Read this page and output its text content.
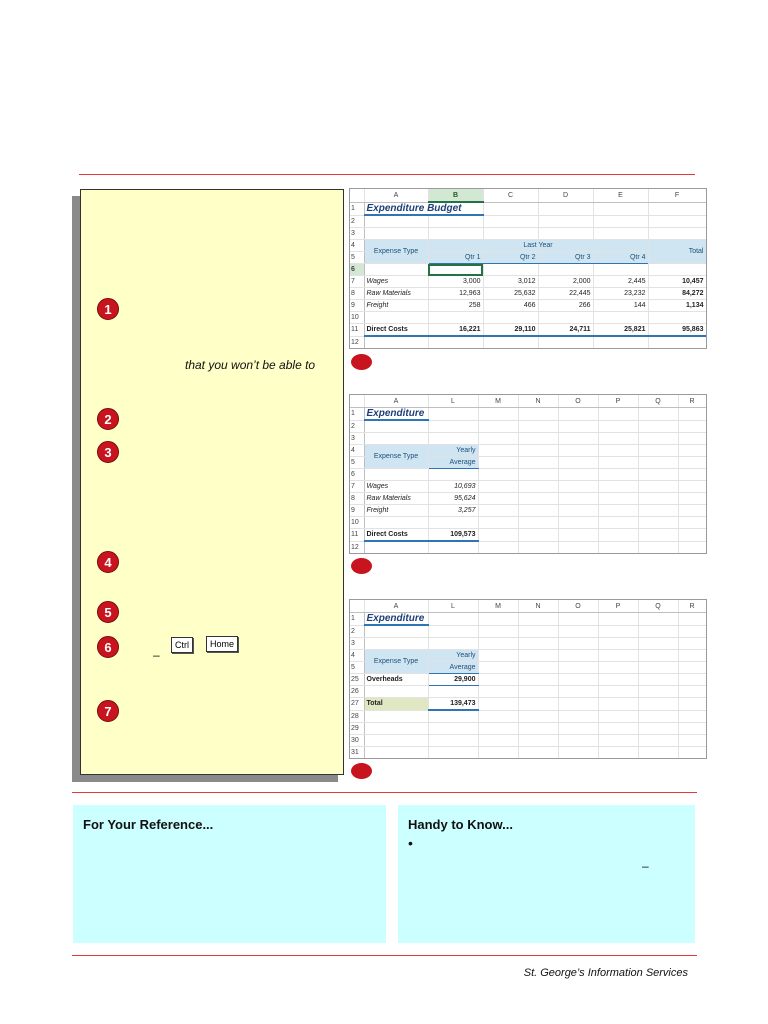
1
that you won’t be able to
2
3
4
5
6	Ctrl	Home
–
7
	A	B	C	D	E	F
1	Expenditure Budget					
2						
3						
4	Expense Type	Last Year				Total
5		Qtr 1	Qtr 2	Qtr 3	Qtr 4	
6						
7	Wages	3,000	3,012	2,000	2,445	10,457
8	Raw Materials	12,963	25,632	22,445	23,232	84,272
9	Freight	258	466	266	144	1,134
10						
11	Direct Costs	16,221	29,110	24,711	25,821	95,863
12						
	A	L	M	N	O	P	Q	R
1	Expenditure							
2								
3								
4	Expense Type	Yearly						
5		Average						
6								
7	Wages	10,693						
8	Raw Materials	95,624						
9	Freight	3,257						
10								
11	Direct Costs	109,573						
12								
	A	L	M	N	O	P	Q	R
1	Expenditure							
2								
3								
4	Expense Type	Yearly						
5		Average						
25	Overheads	29,900						
26								
27	Total	139,473						
28								
29								
30								
31								
For Your Reference...	Handy to Know...
•
–
St. George’s Information Services
